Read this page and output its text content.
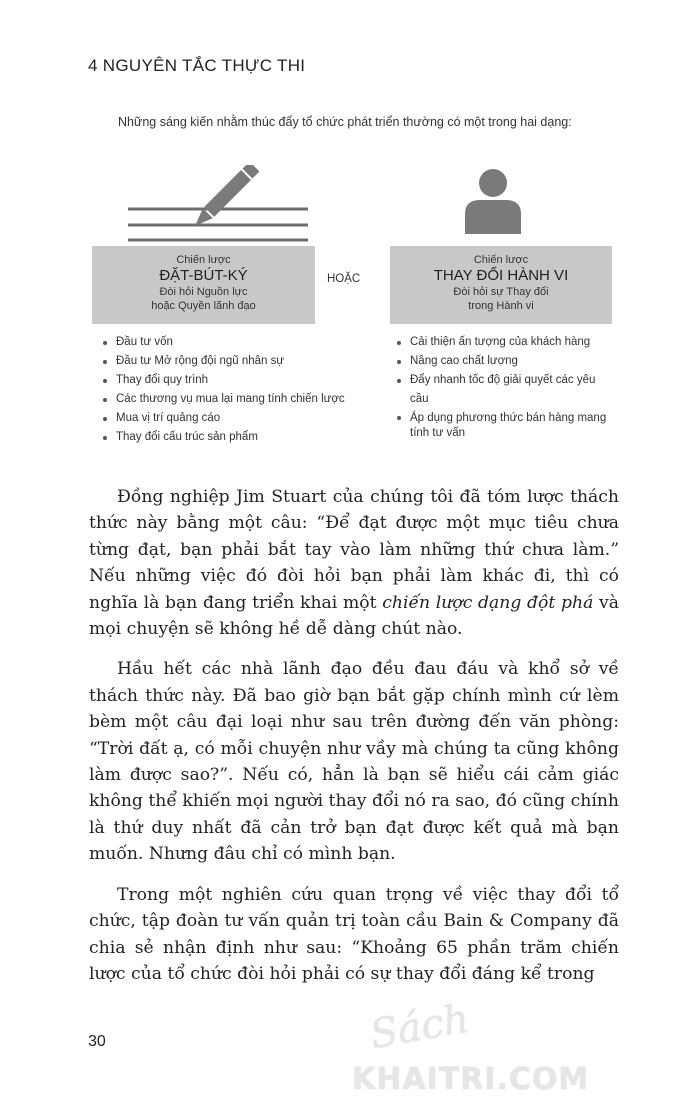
4 NGUYÊN TẮC THỰC THI
Những sáng kiến nhằm thúc đẩy tổ chức phát triển thường có một trong hai dạng:
Chiến lược
ĐẶT-BÚT-KÝ
Đòi hỏi Nguồn lực
hoặc Quyền lãnh đạo
HOẶC
Chiến lược
THAY ĐỔI HÀNH VI
Đòi hỏi sự Thay đổi
trong Hành vi
Đầu tư vốn
Đầu tư Mở rộng đội ngũ nhân sự
Thay đổi quy trình
Các thương vụ mua lại mang tính chiến lược
Mua vị trí quảng cáo
Thay đổi cấu trúc sản phẩm
Cải thiện ấn tượng của khách hàng
Nâng cao chất lượng
Đẩy nhanh tốc độ giải quyết các yêu cầu
Áp dụng phương thức bán hàng mang tính tư vấn

Đồng nghiệp Jim Stuart của chúng tôi đã tóm lược thách thức này bằng một câu: “Để đạt được một mục tiêu chưa từng đạt, bạn phải bắt tay vào làm những thứ chưa làm.” Nếu những việc đó đòi hỏi bạn phải làm khác đi, thì có nghĩa là bạn đang triển khai một chiến lược dạng đột phá và mọi chuyện sẽ không hề dễ dàng chút nào.

Hầu hết các nhà lãnh đạo đều đau đáu và khổ sở về thách thức này. Đã bao giờ bạn bắt gặp chính mình cứ lèm bèm một câu đại loại như sau trên đường đến văn phòng: “Trời đất ạ, có mỗi chuyện như vầy mà chúng ta cũng không làm được sao?”. Nếu có, hẳn là bạn sẽ hiểu cái cảm giác không thể khiến mọi người thay đổi nó ra sao, đó cũng chính là thứ duy nhất đã cản trở bạn đạt được kết quả mà bạn muốn. Nhưng đâu chỉ có mình bạn.

Trong một nghiên cứu quan trọng về việc thay đổi tổ chức, tập đoàn tư vấn quản trị toàn cầu Bain & Company đã chia sẻ nhận định như sau: “Khoảng 65 phần trăm chiến lược của tổ chức đòi hỏi phải có sự thay đổi đáng kể trong

30	Sách
KHAITRI.COM
